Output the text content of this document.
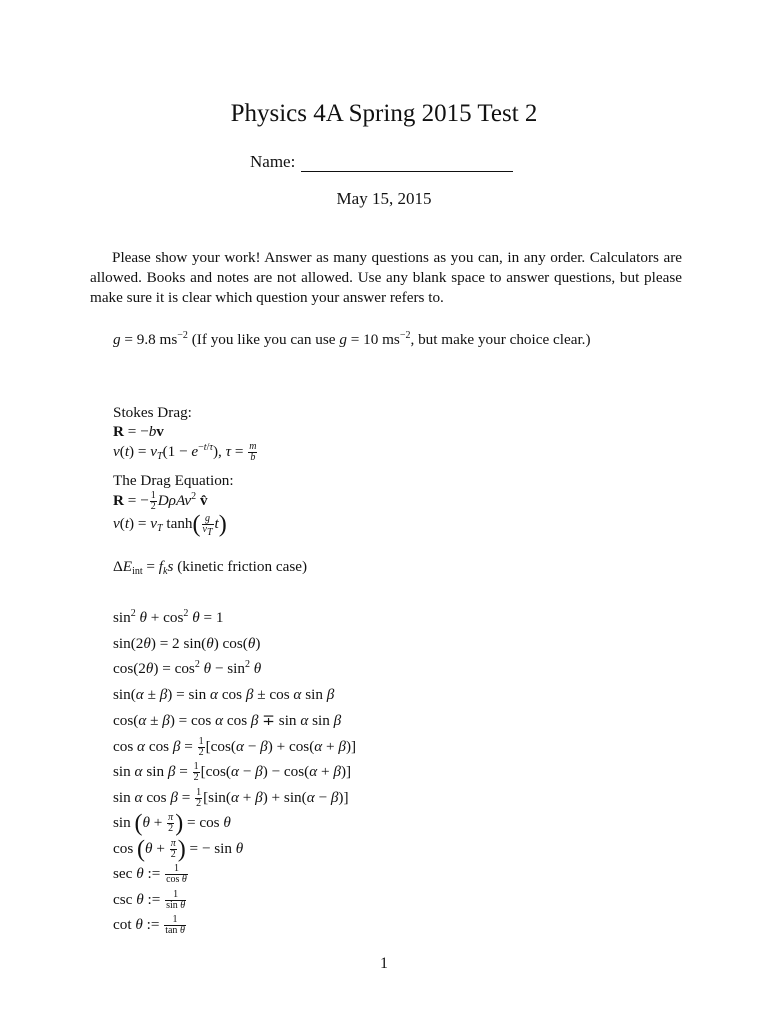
Physics 4A Spring 2015 Test 2
Name:
May 15, 2015
Please show your work! Answer as many questions as you can, in any order. Calculators are allowed. Books and notes are not allowed. Use any blank space to answer questions, but please make sure it is clear which question your answer refers to.
g = 9.8 $ms^{-2}$ (If you like you can use g = 10 $ms^{-2}$, but make your choice clear.)
Stokes Drag:
R = −bv
$v(t) = v_T(1 - e^{-t/\tau})$, $\tau = \frac{m}{b}$
The Drag Equation:
R = − $\frac{1}{2} D\rho Av^2$ v̂
$v(t) = v_T$ $\tanh( \frac{g}{v_T} t)$
$\Delta E_{int} = f_ks$ (kinetic friction case)
$\sin^2 \theta + \cos^2 \theta = 1$
sin(2θ) = 2 sin(θ) cos(θ)
$\cos(2\theta) = \cos^2 \theta - \sin^2 \theta$
sin(α ± β) = sin α cos β ± cos α sin β
cos(α ± β) = cos α cos β ∓ sin α sin β
cos α $\cos \beta = \frac{1}{2} [\cos(\alpha - \beta) + \cos(\alpha + \beta)]$
sin α $\sin \beta = \frac{1}{2} [\cos(\alpha - \beta) - \cos(\alpha + \beta)]$
sin α $\cos \beta = \frac{1}{2} [\sin(\alpha + \beta) + \sin(\alpha - \beta)]$
$\sin (\theta + \frac{\pi}{2}$ ) = cos θ
$\cos (\theta + \frac{\pi}{2}$ ) = − sin θ
sec θ := $\frac{1}{\text{cos θ}}$
csc θ := $\frac{1}{\text{sin θ}}$
cot θ := $\frac{1}{\text{tan θ}}$
1
